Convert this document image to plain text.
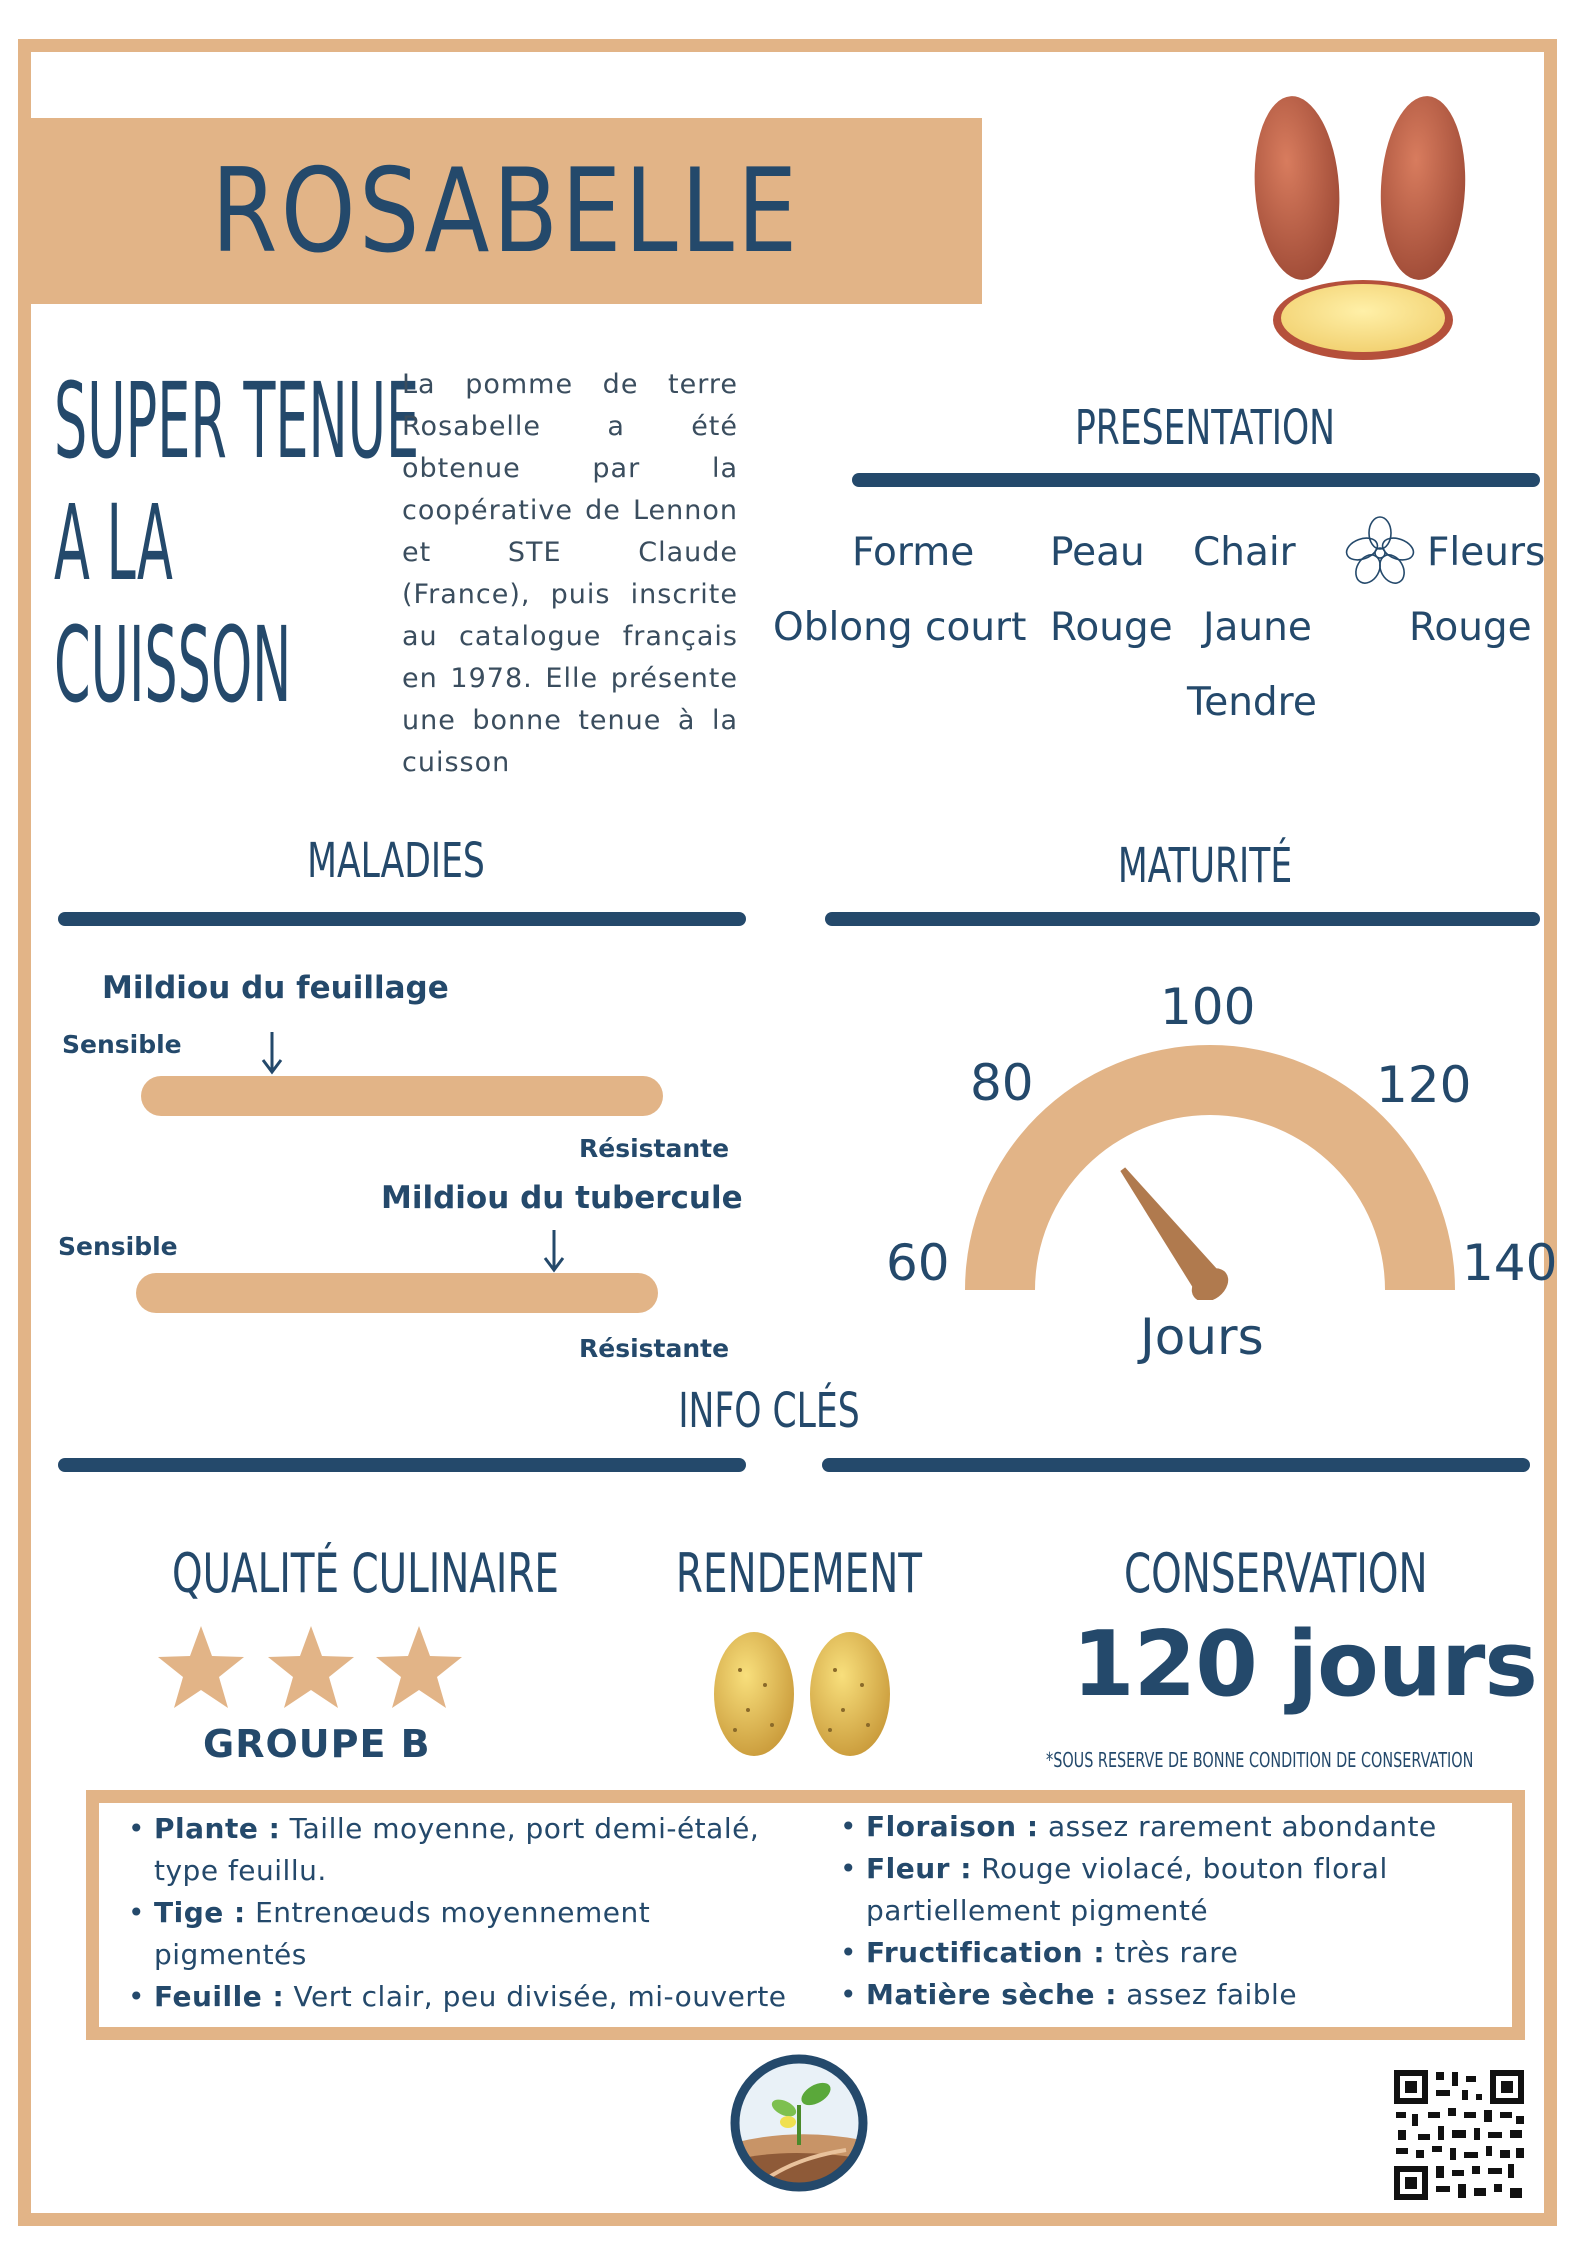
ROSABELLE
SUPER TENUE
A LA
CUISSON
La pomme de terre Rosabelle a été obtenue par la coopérative de Lennon et STE Claude (France), puis inscrite au catalogue français en 1978. Elle présente une bonne tenue à la cuisson
PRESENTATION
Forme
Oblong court
Peau
Rouge
Chair
Jaune
Tendre
Fleurs
Rouge
MALADIES
Mildiou du feuillage
Sensible
Résistante
Mildiou du tubercule
Sensible
Résistante
MATURITÉ
60
80
100
120
140
Jours
INFO CLÉS
QUALITÉ CULINAIRE
GROUPE B
RENDEMENT	CONSERVATION
120 jours
*SOUS RESERVE DE BONNE CONDITION DE CONSERVATION
• Plante : Taille moyenne, port demi-étalé, type feuillu.
• Tige : Entrenœuds moyennement pigmentés
• Feuille : Vert clair, peu divisée, mi-ouverte
• Floraison : assez rarement abondante
• Fleur : Rouge violacé, bouton floral partiellement pigmenté
• Fructification : très rare
• Matière sèche : assez faible
